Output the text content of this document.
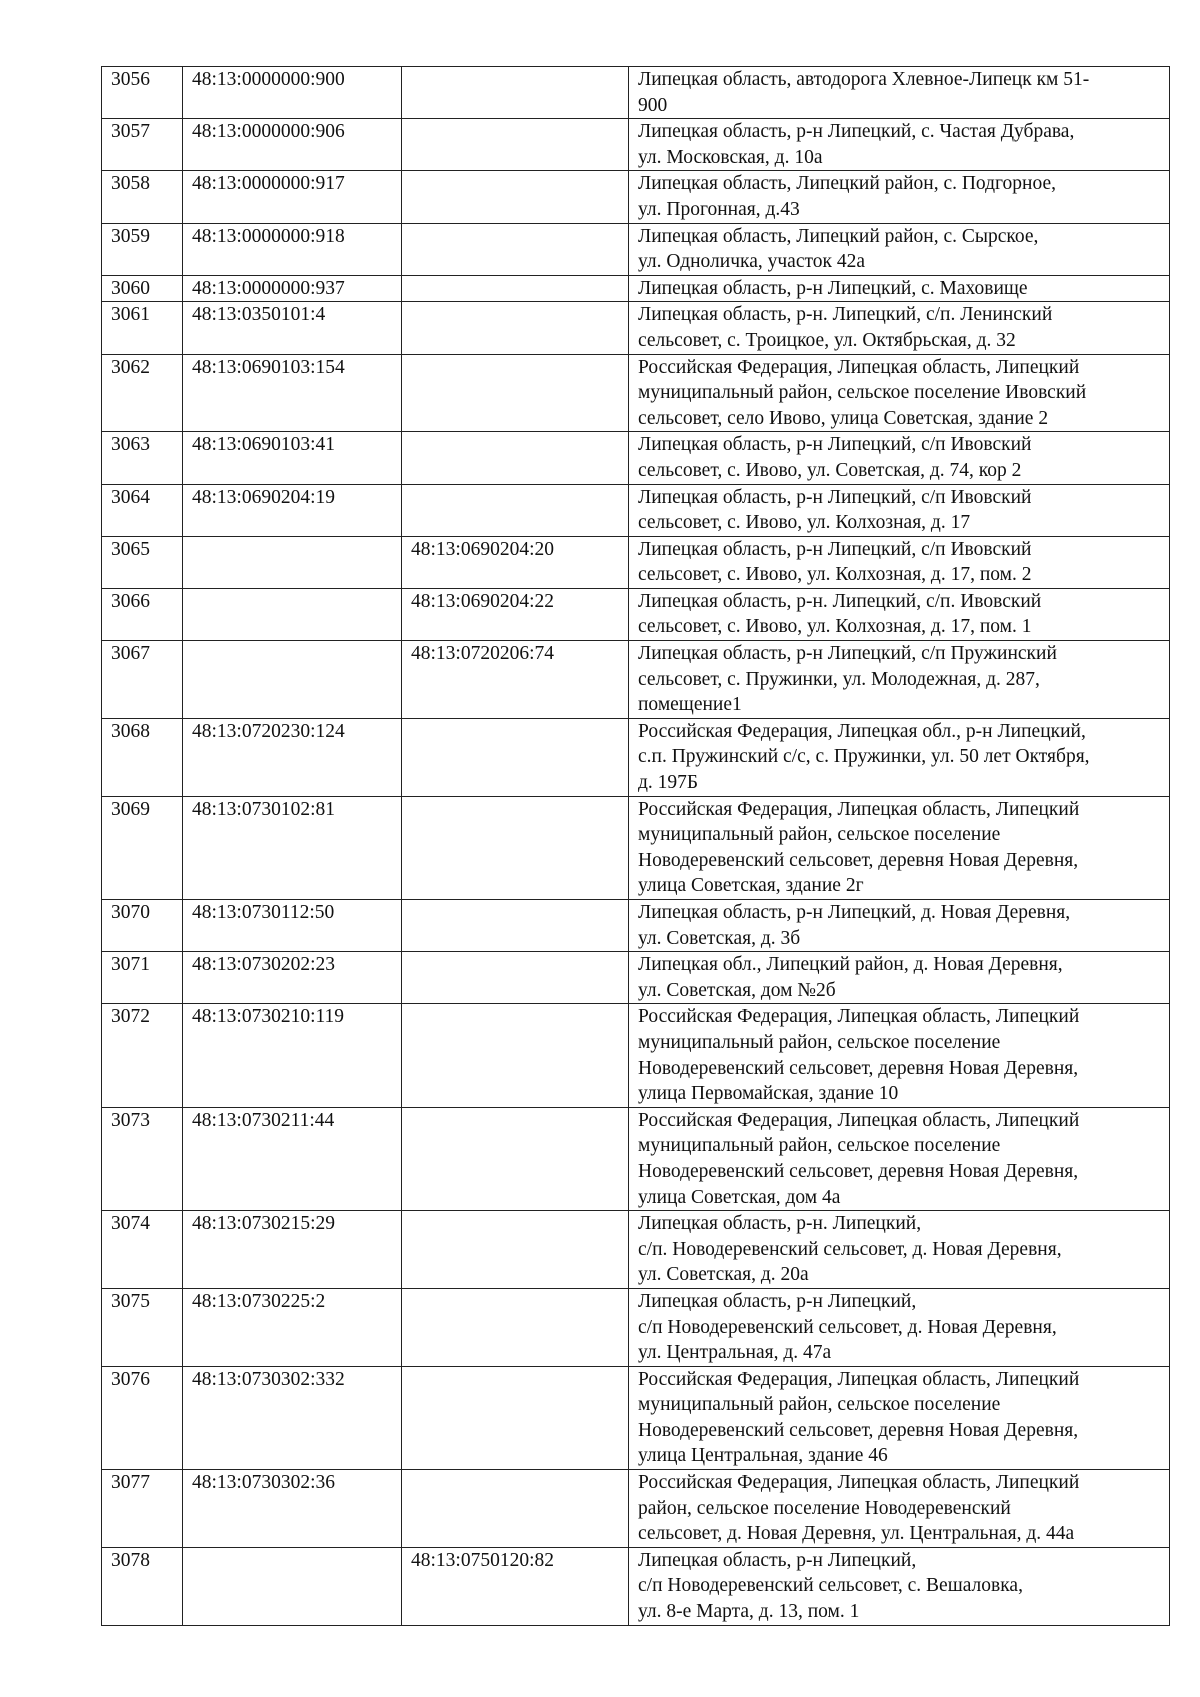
3056	48:13:0000000:900		Липецкая область, автодорога Хлевное-Липецк км 51-
900
3057	48:13:0000000:906		Липецкая область, р-н Липецкий, с. Частая Дубрава,
ул. Московская, д. 10а
3058	48:13:0000000:917		Липецкая область, Липецкий район, с. Подгорное,
ул. Прогонная, д.43
3059	48:13:0000000:918		Липецкая область, Липецкий район, с. Сырское,
ул. Одноличка, участок 42а
3060	48:13:0000000:937		Липецкая область, р-н Липецкий, с. Маховище
3061	48:13:0350101:4		Липецкая область, р-н. Липецкий, с/п. Ленинский
сельсовет, с. Троицкое, ул. Октябрьская, д. 32
3062	48:13:0690103:154		Российская Федерация, Липецкая область, Липецкий
муниципальный район, сельское поселение Ивовский
сельсовет, село Ивово, улица Советская, здание 2
3063	48:13:0690103:41		Липецкая область, р-н Липецкий, с/п Ивовский
сельсовет, с. Ивово, ул. Советская, д. 74, кор 2
3064	48:13:0690204:19		Липецкая область, р-н Липецкий, с/п Ивовский
сельсовет, с. Ивово, ул. Колхозная, д. 17
3065		48:13:0690204:20	Липецкая область, р-н Липецкий, с/п Ивовский
сельсовет, с. Ивово, ул. Колхозная, д. 17, пом. 2
3066		48:13:0690204:22	Липецкая область, р-н. Липецкий, с/п. Ивовский
сельсовет, с. Ивово, ул. Колхозная, д. 17, пом. 1
3067		48:13:0720206:74	Липецкая область, р-н Липецкий, с/п Пружинский
сельсовет, с. Пружинки, ул. Молодежная, д. 287,
помещение1
3068	48:13:0720230:124		Российская Федерация, Липецкая обл., р-н Липецкий,
с.п. Пружинский с/с, с. Пружинки, ул. 50 лет Октября,
д. 197Б
3069	48:13:0730102:81		Российская Федерация, Липецкая область, Липецкий
муниципальный район, сельское поселение
Новодеревенский сельсовет, деревня Новая Деревня,
улица Советская, здание 2г
3070	48:13:0730112:50		Липецкая область, р-н Липецкий, д. Новая Деревня,
ул. Советская, д. 3б
3071	48:13:0730202:23		Липецкая обл., Липецкий район, д. Новая Деревня,
ул. Советская, дом №2б
3072	48:13:0730210:119		Российская Федерация, Липецкая область, Липецкий
муниципальный район, сельское поселение
Новодеревенский сельсовет, деревня Новая Деревня,
улица Первомайская, здание 10
3073	48:13:0730211:44		Российская Федерация, Липецкая область, Липецкий
муниципальный район, сельское поселение
Новодеревенский сельсовет, деревня Новая Деревня,
улица Советская, дом 4а
3074	48:13:0730215:29		Липецкая область, р-н. Липецкий,
с/п. Новодеревенский сельсовет, д. Новая Деревня,
ул. Советская, д. 20а
3075	48:13:0730225:2		Липецкая область, р-н Липецкий,
с/п Новодеревенский сельсовет, д. Новая Деревня,
ул. Центральная, д. 47а
3076	48:13:0730302:332		Российская Федерация, Липецкая область, Липецкий
муниципальный район, сельское поселение
Новодеревенский сельсовет, деревня Новая Деревня,
улица Центральная, здание 46
3077	48:13:0730302:36		Российская Федерация, Липецкая область, Липецкий
район, сельское поселение Новодеревенский
сельсовет, д. Новая Деревня, ул. Центральная, д. 44а
3078		48:13:0750120:82	Липецкая область, р-н Липецкий,
с/п Новодеревенский сельсовет, с. Вешаловка,
ул. 8-е Марта, д. 13, пом. 1
